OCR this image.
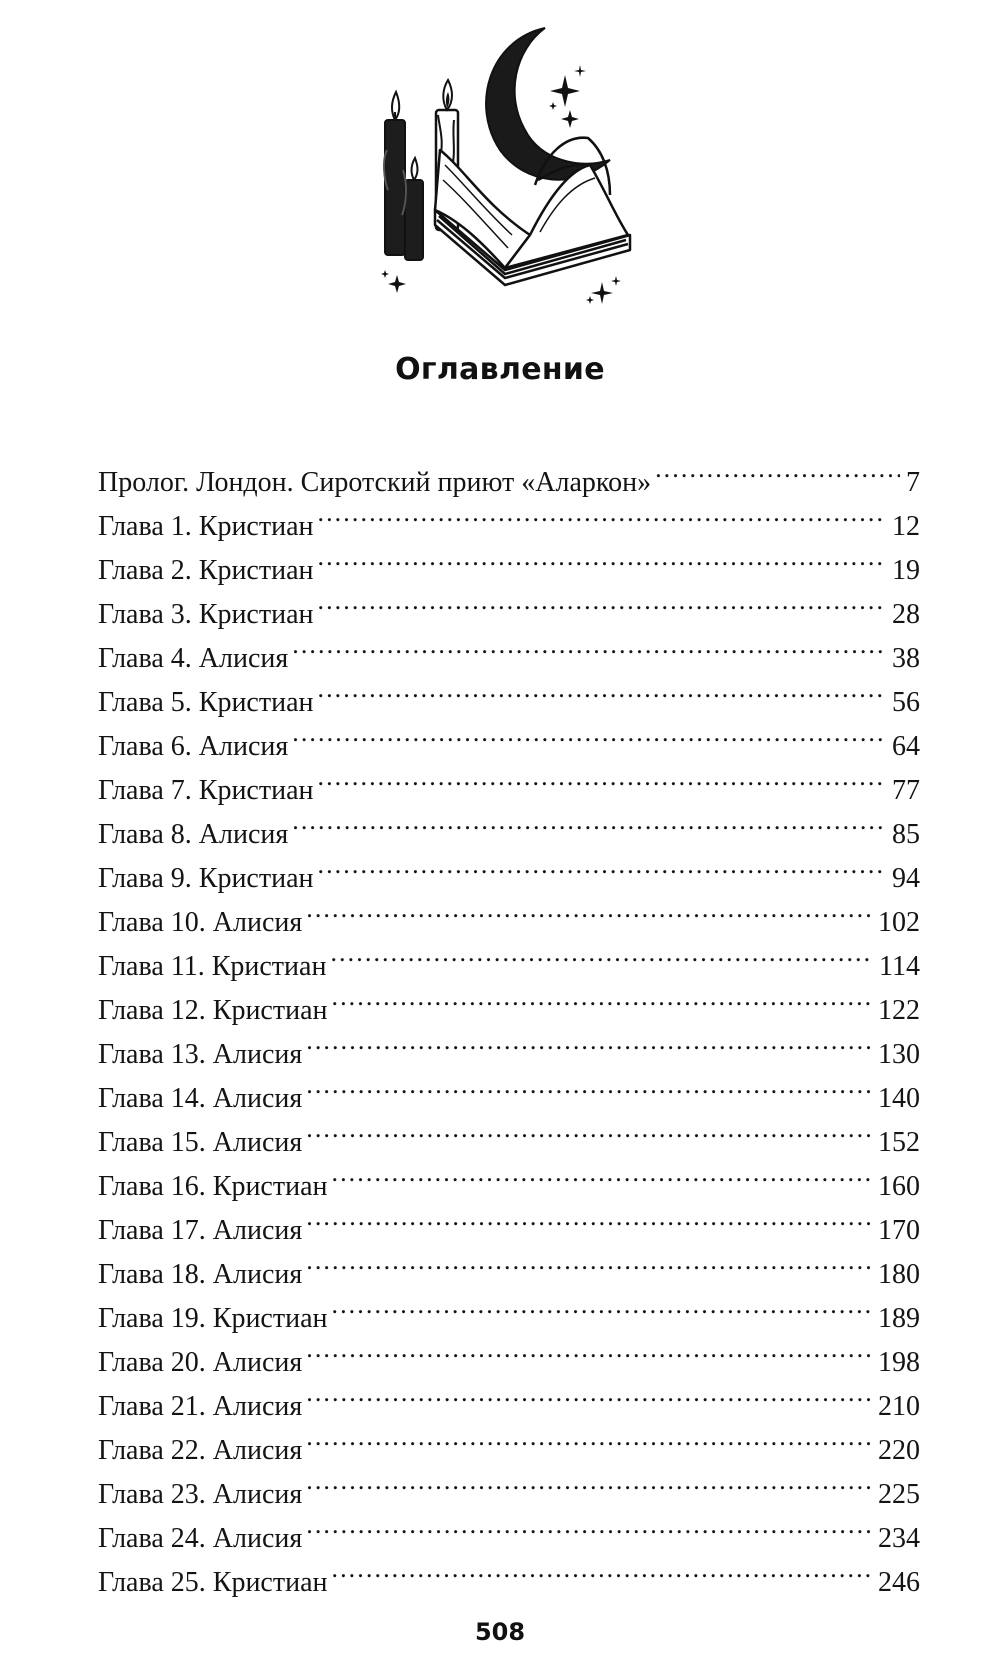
Оглавление
Пролог. Лондон. Сиротский приют «Аларкон» . . .	7
Глава 1. Кристиан . . .	12
Глава 2. Кристиан . . .	19
Глава 3. Кристиан . . .	28
Глава 4. Алисия . . .	38
Глава 5. Кристиан . . .	56
Глава 6. Алисия . . .	64
Глава 7. Кристиан . . .	77
Глава 8. Алисия . . .	85
Глава 9. Кристиан . . .	94
Глава 10. Алисия . . .	102
Глава 11. Кристиан . . .	114
Глава 12. Кристиан . . .	122
Глава 13. Алисия . . .	130
Глава 14. Алисия . . .	140
Глава 15. Алисия . . .	152
Глава 16. Кристиан . . .	160
Глава 17. Алисия . . .	170
Глава 18. Алисия . . .	180
Глава 19. Кристиан . . .	189
Глава 20. Алисия . . .	198
Глава 21. Алисия . . .	210
Глава 22. Алисия . . .	220
Глава 23. Алисия . . .	225
Глава 24. Алисия . . .	234
Глава 25. Кристиан . . .	246
508
